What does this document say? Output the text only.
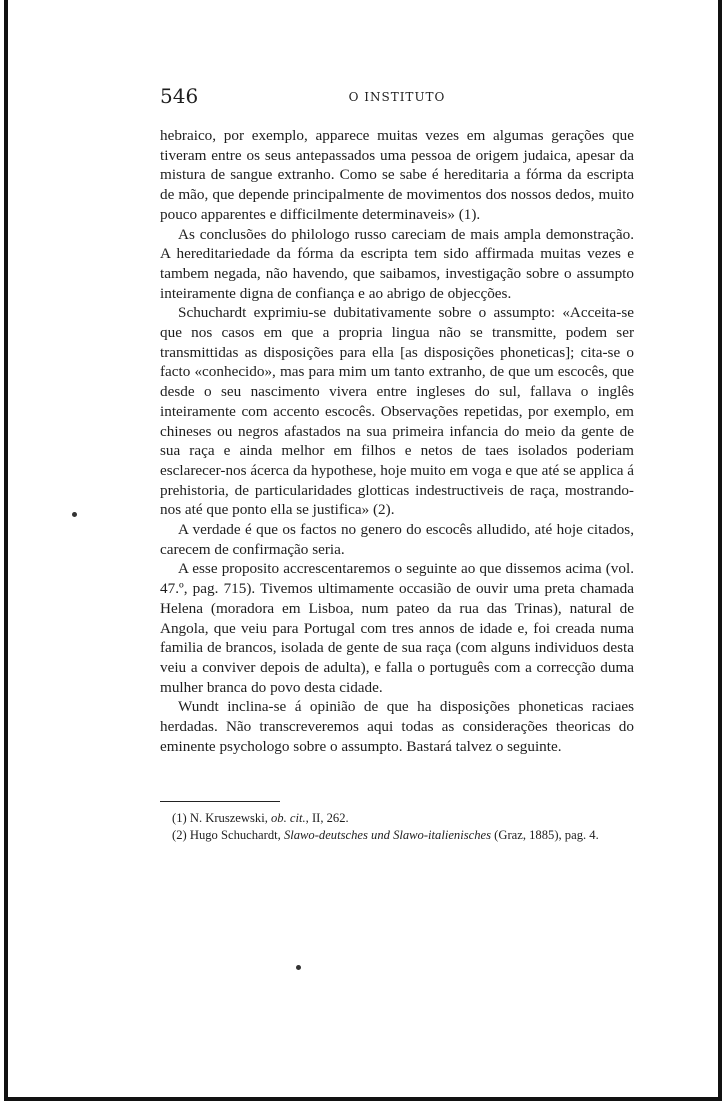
546	O INSTITUTO

hebraico, por exemplo, apparece muitas vezes em algumas gerações que tiveram entre os seus antepassados uma pessoa de origem judaica, apesar da mistura de sangue extranho. Como se sabe é hereditaria a fórma da escripta de mão, que depende principalmente de movimentos dos nossos dedos, muito pouco apparentes e difficilmente determinaveis» (1).

As conclusões do philologo russo careciam de mais ampla demonstração. A hereditariedade da fórma da escripta tem sido affirmada muitas vezes e tambem negada, não havendo, que saibamos, investigação sobre o assumpto inteiramente digna de confiança e ao abrigo de objecções.

Schuchardt exprimiu-se dubitativamente sobre o assumpto: «Acceita-se que nos casos em que a propria lingua não se transmitte, podem ser transmittidas as disposições para ella [as disposições phoneticas]; cita-se o facto «conhecido», mas para mim um tanto extranho, de que um escocês, que desde o seu nascimento vivera entre ingleses do sul, fallava o inglês inteiramente com accento escocês. Observações repetidas, por exemplo, em chineses ou negros afastados na sua primeira infancia do meio da gente de sua raça e ainda melhor em filhos e netos de taes isolados poderiam esclarecer-nos ácerca da hypothese, hoje muito em voga e que até se applica á prehistoria, de particularidades glotticas indestructiveis de raça, mostrando-nos até que ponto ella se justifica» (2).

A verdade é que os factos no genero do escocês alludido, até hoje citados, carecem de confirmação seria.

A esse proposito accrescentaremos o seguinte ao que dissemos acima (vol. 47.º, pag. 715). Tivemos ultimamente occasião de ouvir uma preta chamada Helena (moradora em Lisboa, num pateo da rua das Trinas), natural de Angola, que veiu para Portugal com tres annos de idade e, foi creada numa familia de brancos, isolada de gente de sua raça (com alguns individuos desta veiu a conviver depois de adulta), e falla o português com a correcção duma mulher branca do povo desta cidade.

Wundt inclina-se á opinião de que ha disposições phoneticas raciaes herdadas. Não transcreveremos aqui todas as considerações theoricas do eminente psychologo sobre o assumpto. Bastará talvez o seguinte.

(1) N. Kruszewski, ob. cit., II, 262.

(2) Hugo Schuchardt, Slawo-deutsches und Slawo-italienisches (Graz, 1885), pag. 4.
